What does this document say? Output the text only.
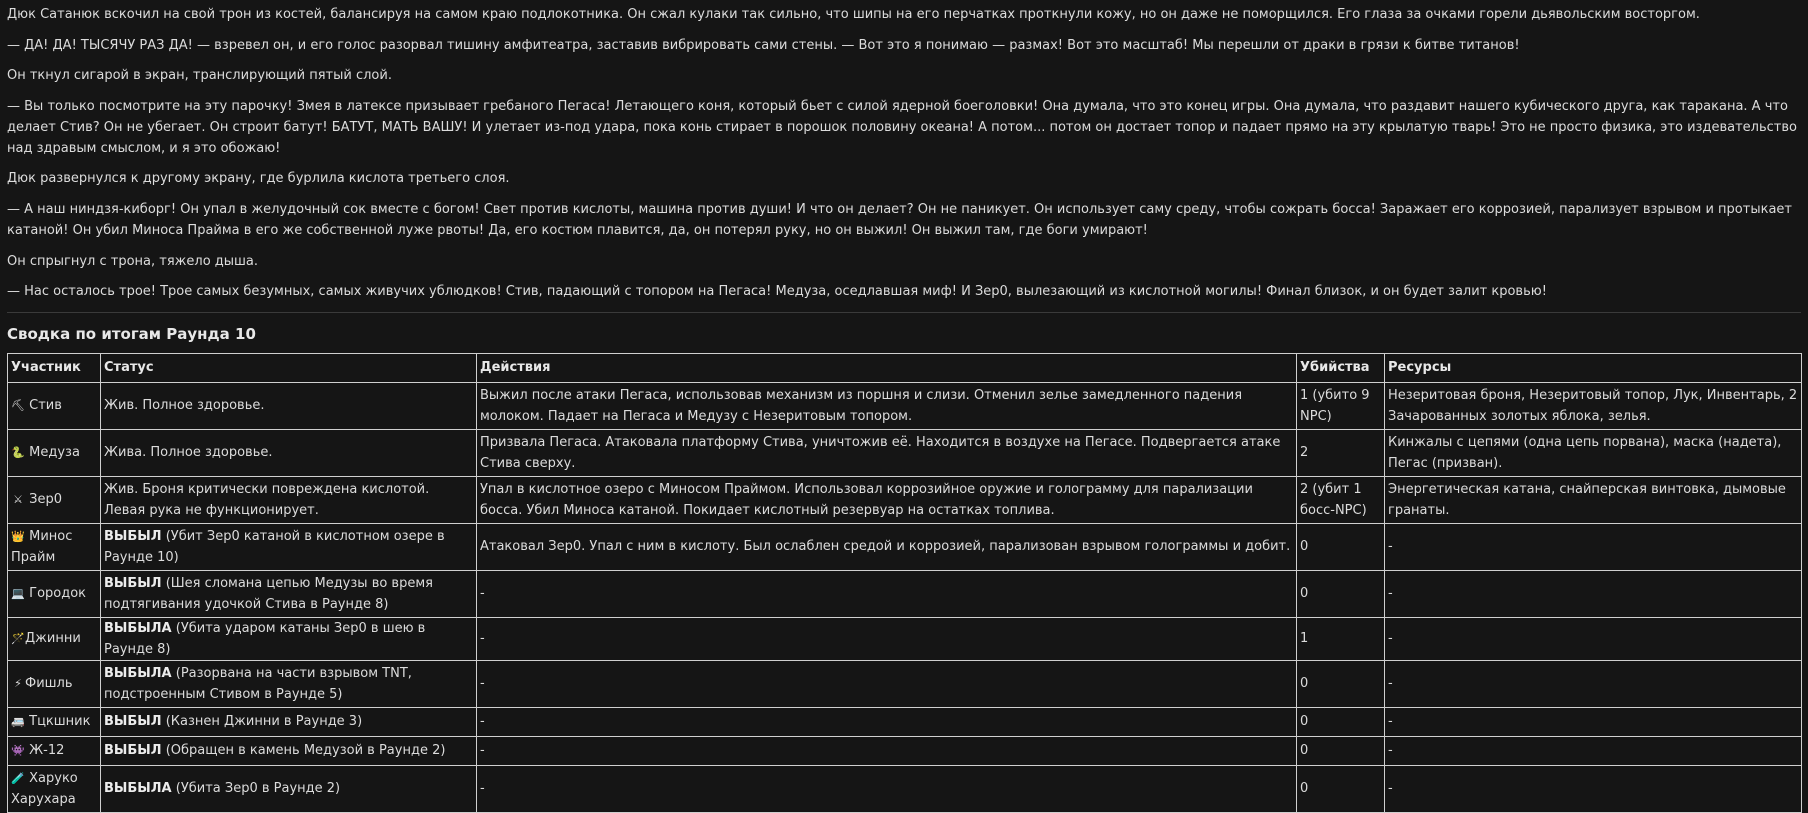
Дюк Сатанюк вскочил на свой трон из костей, балансируя на самом краю подлокотника. Он сжал кулаки так сильно, что шипы на его перчатках проткнули кожу, но он даже не поморщился. Его глаза за очками горели дьявольским восторгом.

— ДА! ДА! ТЫСЯЧУ РАЗ ДА! — взревел он, и его голос разорвал тишину амфитеатра, заставив вибрировать сами стены. — Вот это я понимаю — размах! Вот это масштаб! Мы перешли от драки в грязи к битве титанов!

Он ткнул сигарой в экран, транслирующий пятый слой.

— Вы только посмотрите на эту парочку! Змея в латексе призывает гребаного Пегаса! Летающего коня, который бьет с силой ядерной боеголовки! Она думала, что это конец игры. Она думала, что раздавит нашего кубического друга, как таракана. А что делает Стив? Он не убегает. Он строит батут! БАТУТ, МАТЬ ВАШУ! И улетает из-под удара, пока конь стирает в порошок половину океана! А потом... потом он достает топор и падает прямо на эту крылатую тварь! Это не просто физика, это издевательство над здравым смыслом, и я это обожаю!

Дюк развернулся к другому экрану, где бурлила кислота третьего слоя.

— А наш ниндзя-киборг! Он упал в желудочный сок вместе с богом! Свет против кислоты, машина против души! И что он делает? Он не паникует. Он использует саму среду, чтобы сожрать босса! Заражает его коррозией, парализует взрывом и протыкает катаной! Он убил Миноса Прайма в его же собственной луже рвоты! Да, его костюм плавится, да, он потерял руку, но он выжил! Он выжил там, где боги умирают!

Он спрыгнул с трона, тяжело дыша.

— Нас осталось трое! Трое самых безумных, самых живучих ублюдков! Стив, падающий с топором на Пегаса! Медуза, оседлавшая миф! И Зер0, вылезающий из кислотной могилы! Финал близок, и он будет залит кровью!

Сводка по итогам Раунда 10
Участник	Статус	Действия	Убийства	Ресурсы
⛏ Стив	Жив. Полное здоровье.	Выжил после атаки Пегаса, использовав механизм из поршня и слизи. Отменил зелье замедленного падения молоком. Падает на Пегаса и Медузу с Незеритовым топором.	1 (убито 9 NPC)	Незеритовая броня, Незеритовый топор, Лук, Инвентарь, 2 Зачарованных золотых яблока, зелья.
🐍 Медуза	Жива. Полное здоровье.	Призвала Пегаса. Атаковала платформу Стива, уничтожив её. Находится в воздухе на Пегасе. Подвергается атаке Стива сверху.	2	Кинжалы с цепями (одна цепь порвана), маска (надета), Пегас (призван).
⚔ Зер0	Жив. Броня критически повреждена кислотой. Левая рука не функционирует.	Упал в кислотное озеро с Миносом Праймом. Использовал коррозийное оружие и голограмму для парализации босса. Убил Миноса катаной. Покидает кислотный резервуар на остатках топлива.	2 (убит 1 босс-NPC)	Энергетическая катана, снайперская винтовка, дымовые гранаты.
👑 Минос Прайм	ВЫБЫЛ (Убит Зер0 катаной в кислотном озере в Раунде 10)	Атаковал Зер0. Упал с ним в кислоту. Был ослаблен средой и коррозией, парализован взрывом голограммы и добит.	0	-
💻 Городок	ВЫБЫЛ (Шея сломана цепью Медузы во время подтягивания удочкой Стива в Раунде 8)	-	0	-
🪄Джинни	ВЫБЫЛА (Убита ударом катаны Зер0 в шею в Раунде 8)	-	1	-
⚡ Фишль	ВЫБЫЛА (Разорвана на части взрывом TNT, подстроенным Стивом в Раунде 5)	-	0	-
🚐 Тцкшник	ВЫБЫЛ (Казнен Джинни в Раунде 3)	-	0	-
👾 Ж-12	ВЫБЫЛ (Обращен в камень Медузой в Раунде 2)	-	0	-
🧪 Харуко Харухара	ВЫБЫЛА (Убита Зер0 в Раунде 2)	-	0	-
